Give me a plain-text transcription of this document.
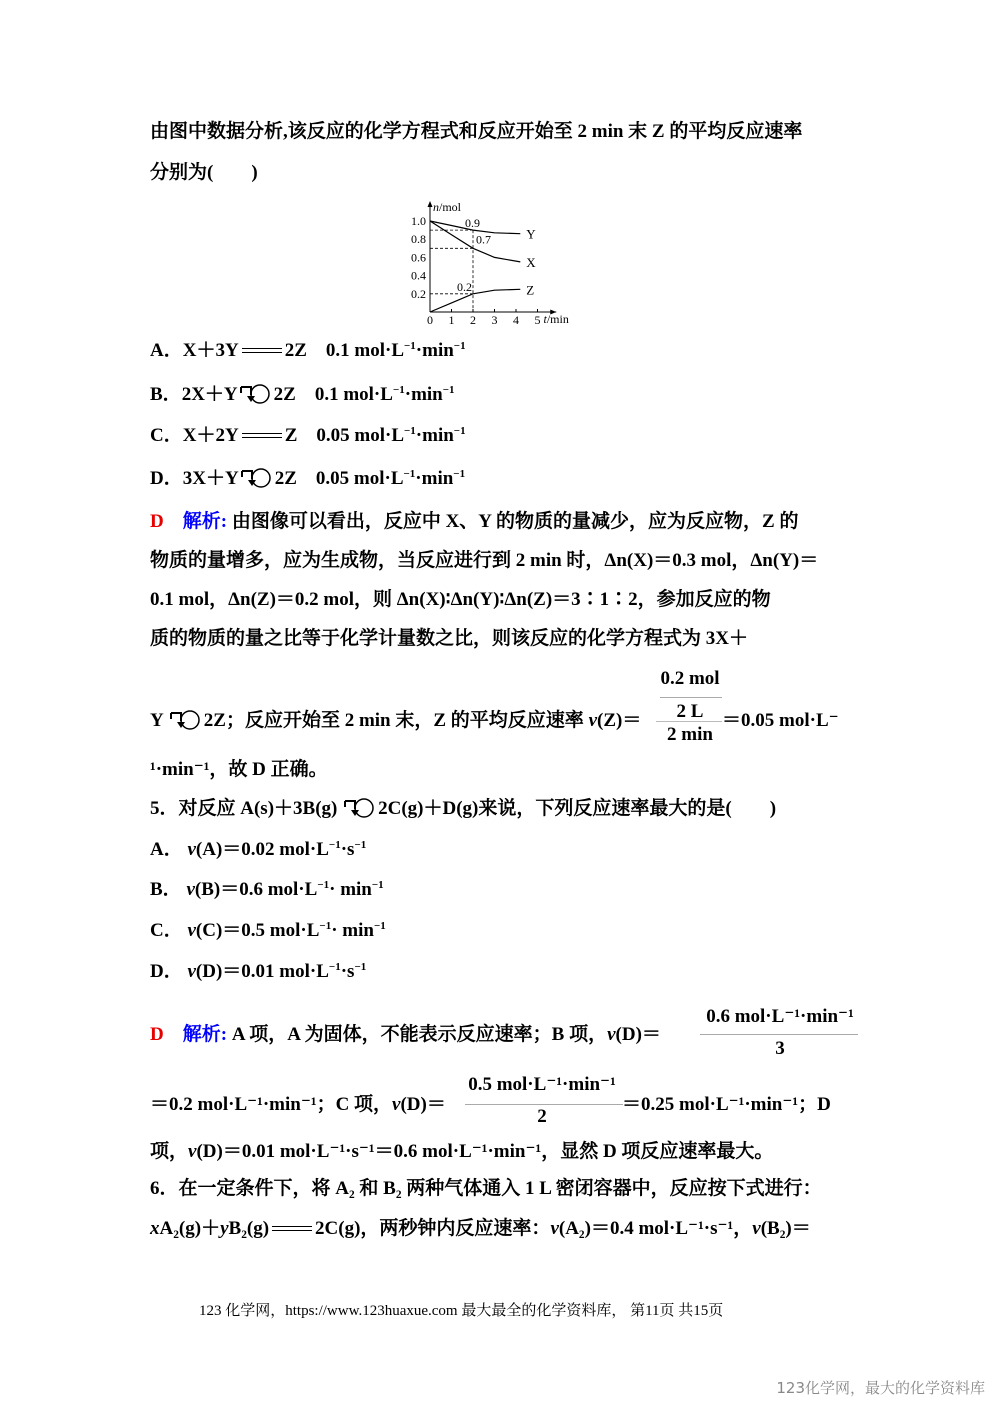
由图中数据分析,该反应的化学方程式和反应开始至 2 min 末 Z 的平均反应速率
分别为(　　)
n/mol
t/min
0 1 2 3 4 5
0.2
0.4
0.6
0.8
1.0
Y
X
Z
0.9
0.7
0.2
A．X＋3Y 2Z 0.1 $mol\cdot L^{-1}\cdot\min^{-1}$
B．2X＋Y 2Z 0.1 $mol\cdot L^{-1}\cdot\min^{-1}$
C．X＋2Y Z 0.05 $mol\cdot L^{-1}\cdot\min^{-1}$
D．3X＋Y 2Z 0.05 $mol\cdot L^{-1}\cdot\min^{-1}$
D 解析: 由图像可以看出，反应中 X、Y 的物质的量减少，应为反应物，Z 的
物质的量增多，应为生成物，当反应进行到 2 min 时，Δn(X)＝0.3 mol，Δn(Y)＝
0.1 mol，Δn(Z)＝0.2 mol，则 Δn(X)∶Δn(Y)∶Δn(Z)＝3∶1∶2，参加反应的物
质的物质的量之比等于化学计量数之比，则该反应的化学方程式为 3X＋
Y 2Z；反应开始至 2 min 末，Z 的平均反应速率 v(Z)＝
0.2 mol
2 L
2 min
＝0.05 mol·L⁻
¹·min⁻¹，故 D 正确。
5．对反应 A(s)＋3B(g) 2C(g)＋D(g)来说，下列反应速率最大的是(　　)
A． v(A)＝0.02 $mol\cdot L^{-1}\cdot s^{-1}$
B． v(B)＝0.6 $mol\cdot L^{-1}\cdot \min^{-1}$
C． v(C)＝0.5 $mol\cdot L^{-1}\cdot \min^{-1}$
D． v(D)＝0.01 $mol\cdot L^{-1}\cdot s^{-1}$
D 解析: A 项，A 为固体，不能表示反应速率；B 项，v(D)＝
0.6 mol·L⁻¹·min⁻¹
3
＝0.2 mol·L⁻¹·min⁻¹；C 项，v(D)＝
0.5 mol·L⁻¹·min⁻¹
2
＝0.25 mol·L⁻¹·min⁻¹；D
项，v(D)＝0.01 mol·L⁻¹·s⁻¹＝0.6 mol·L⁻¹·min⁻¹，显然 D 项反应速率最大。
6．在一定条件下，将 A₂ 和 B₂ 两种气体通入 1 L 密闭容器中，反应按下式进行：
xA₂(g)＋yB₂(g) 2C(g)，两秒钟内反应速率：v(A₂)＝0.4 mol·L⁻¹·s⁻¹，v(B₂)＝
123 化学网，https://www.123huaxue.com 最大最全的化学资料库， 第11页 共15页
123化学网，最大的化学资料库
